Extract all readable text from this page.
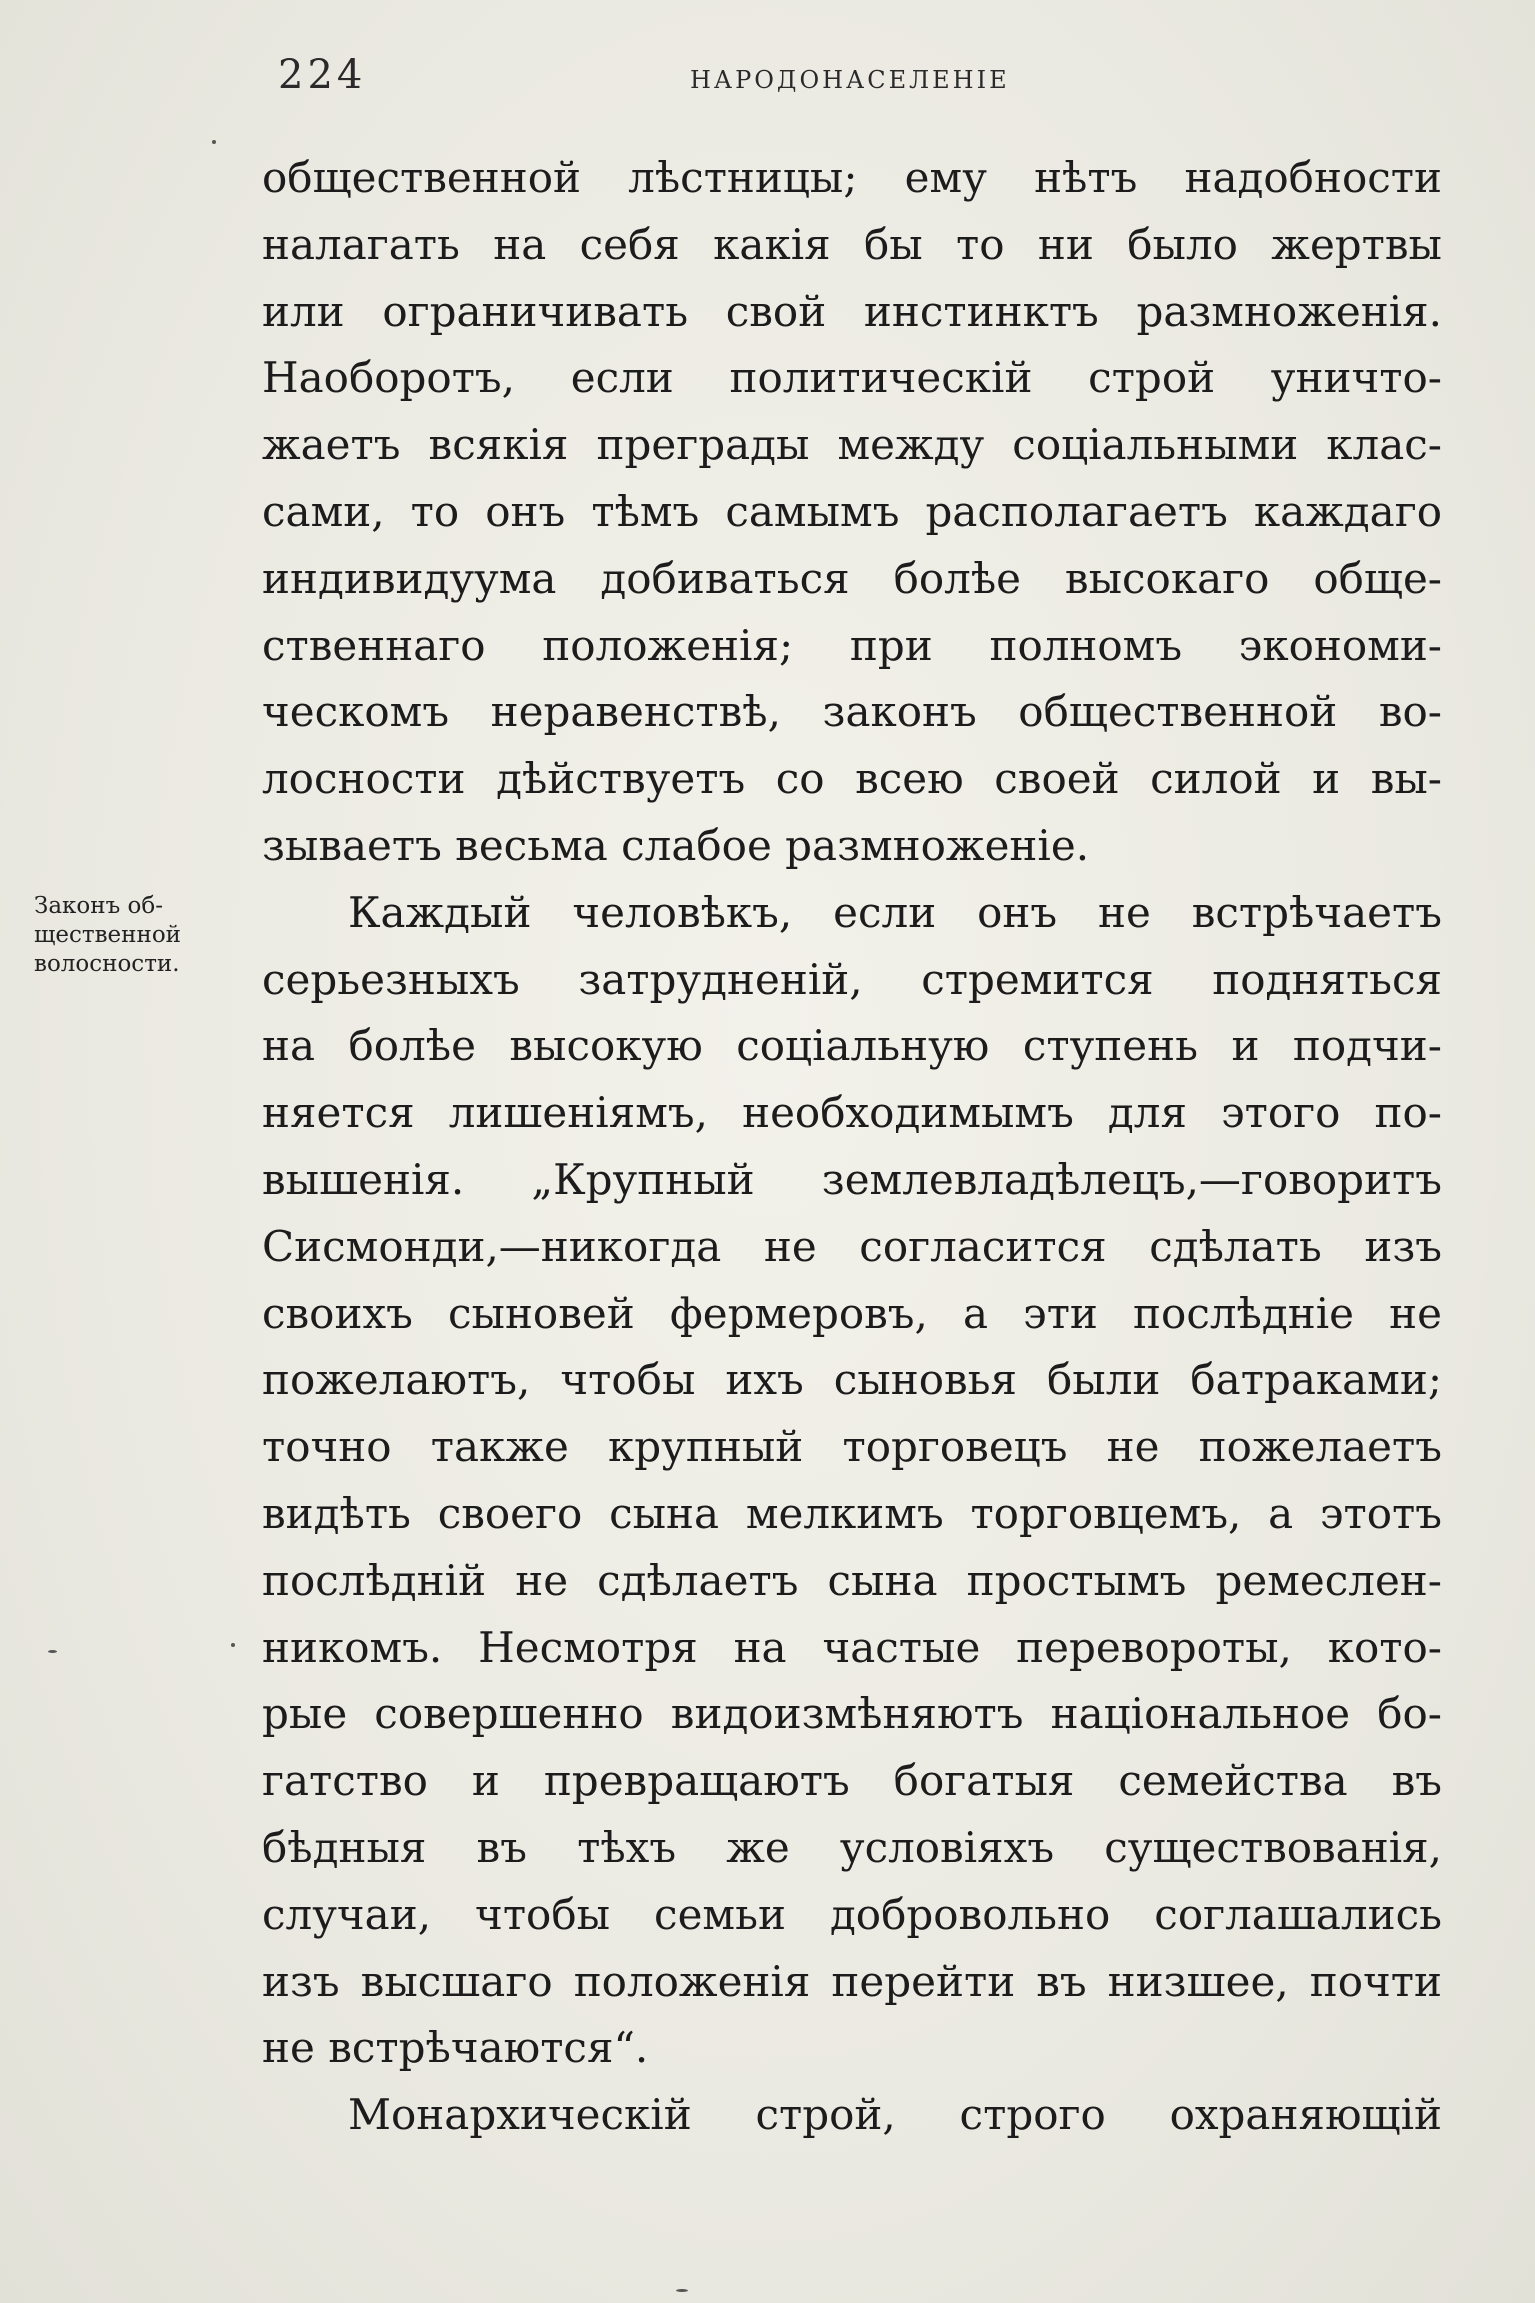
224	НАРОДОНАСЕЛЕНІЕ
Законъ об-
щественной
волосности.
общественной лѣстницы; ему нѣтъ надобности
налагать на себя какія бы то ни было жертвы
или ограничивать свой инстинктъ размноженія.
Наоборотъ, если политическій строй уничто-
жаетъ всякія преграды между соціальными клас-
сами, то онъ тѣмъ самымъ располагаетъ каждаго
индивидуума добиваться болѣе высокаго обще-
ственнаго положенія; при полномъ экономи-
ческомъ неравенствѣ, законъ общественной во-
лосности дѣйствуетъ со всею своей силой и вы-
зываетъ весьма слабое размноженіе.
Каждый человѣкъ, если онъ не встрѣчаетъ
серьезныхъ затрудненій, стремится подняться
на болѣе высокую соціальную ступень и подчи-
няется лишеніямъ, необходимымъ для этого по-
вышенія. „Крупный землевладѣлецъ,—говоритъ
Сисмонди,—никогда не согласится сдѣлать изъ
своихъ сыновей фермеровъ, а эти послѣдніе не
пожелаютъ, чтобы ихъ сыновья были батраками;
точно также крупный торговецъ не пожелаетъ
видѣть своего сына мелкимъ торговцемъ, а этотъ
послѣдній не сдѣлаетъ сына простымъ ремеслен-
никомъ. Несмотря на частые перевороты, кото-
рые совершенно видоизмѣняютъ національное бо-
гатство и превращаютъ богатыя семейства въ
бѣдныя въ тѣхъ же условіяхъ существованія,
случаи, чтобы семьи добровольно соглашались
изъ высшаго положенія перейти въ низшее, почти
не встрѣчаются“.
Монархическій строй, строго охраняющій
